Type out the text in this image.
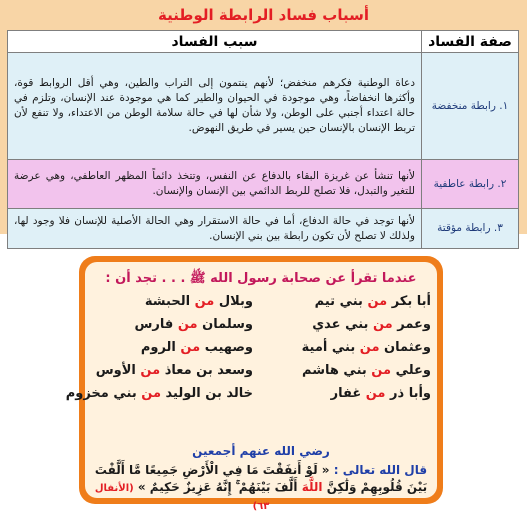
أسباب فساد الرابطة الوطنية
صفة الفساد	سبب الفساد
١. رابطة منخفضة	دعاة الوطنية فكرهم منخفض؛ لأنهم ينتمون إلى التراب والطين، وهي أقل الروابط قوة، وأكثرها انخفاضاً، وهي موجودة في الحيوان والطير كما هي موجودة عند الإنسان، وتلزم في حالة اعتداء أجنبي على الوطن، ولا شأن لها في حالة سلامة الوطن من الاعتداء، ولا تنفع لأن تربط الإنسان بالإنسان حين يسير في طريق النهوض.
٢. رابطة عاطفية	لأنها تنشأ عن غريزة البقاء بالدفاع عن النفس، وتتخذ دائماً المظهر العاطفي، وهي عرضة للتغير والتبدل، فلا تصلح للربط الدائمي بين الإنسان والإنسان.
٣. رابطة مؤقتة	لأنها توجد في حالة الدفاع، أما في حالة الاستقرار وهي الحالة الأصلية للإنسان فلا وجود لها، ولذلك لا تصلح لأن تكون رابطة بين بني الإنسان.
عندما تقرأ عن صحابة رسول الله ﷺ . . . تجد أن :
أبا بكر من بني تيم
وبلال من الحبشة
وعمر من بني عدي
وسلمان من فارس
وعثمان من بني أمية
وصهيب من الروم
وعلي من بني هاشم
وسعد بن معاذ من الأوس
وأبا ذر من غفار
خالد بن الوليد من بني مخزوم
رضي الله عنهم أجمعين
قال الله تعالى : « لَوْ أَنفَقْتَ مَا فِي الْأَرْضِ جَمِيعًا مَّا أَلَّفْتَ بَيْنَ قُلُوبِهِمْ وَلَٰكِنَّ اللَّهَ أَلَّفَ بَيْنَهُمْ ۚ إِنَّهُ عَزِيزٌ حَكِيمٌ » (الأنفال ٦٣)
